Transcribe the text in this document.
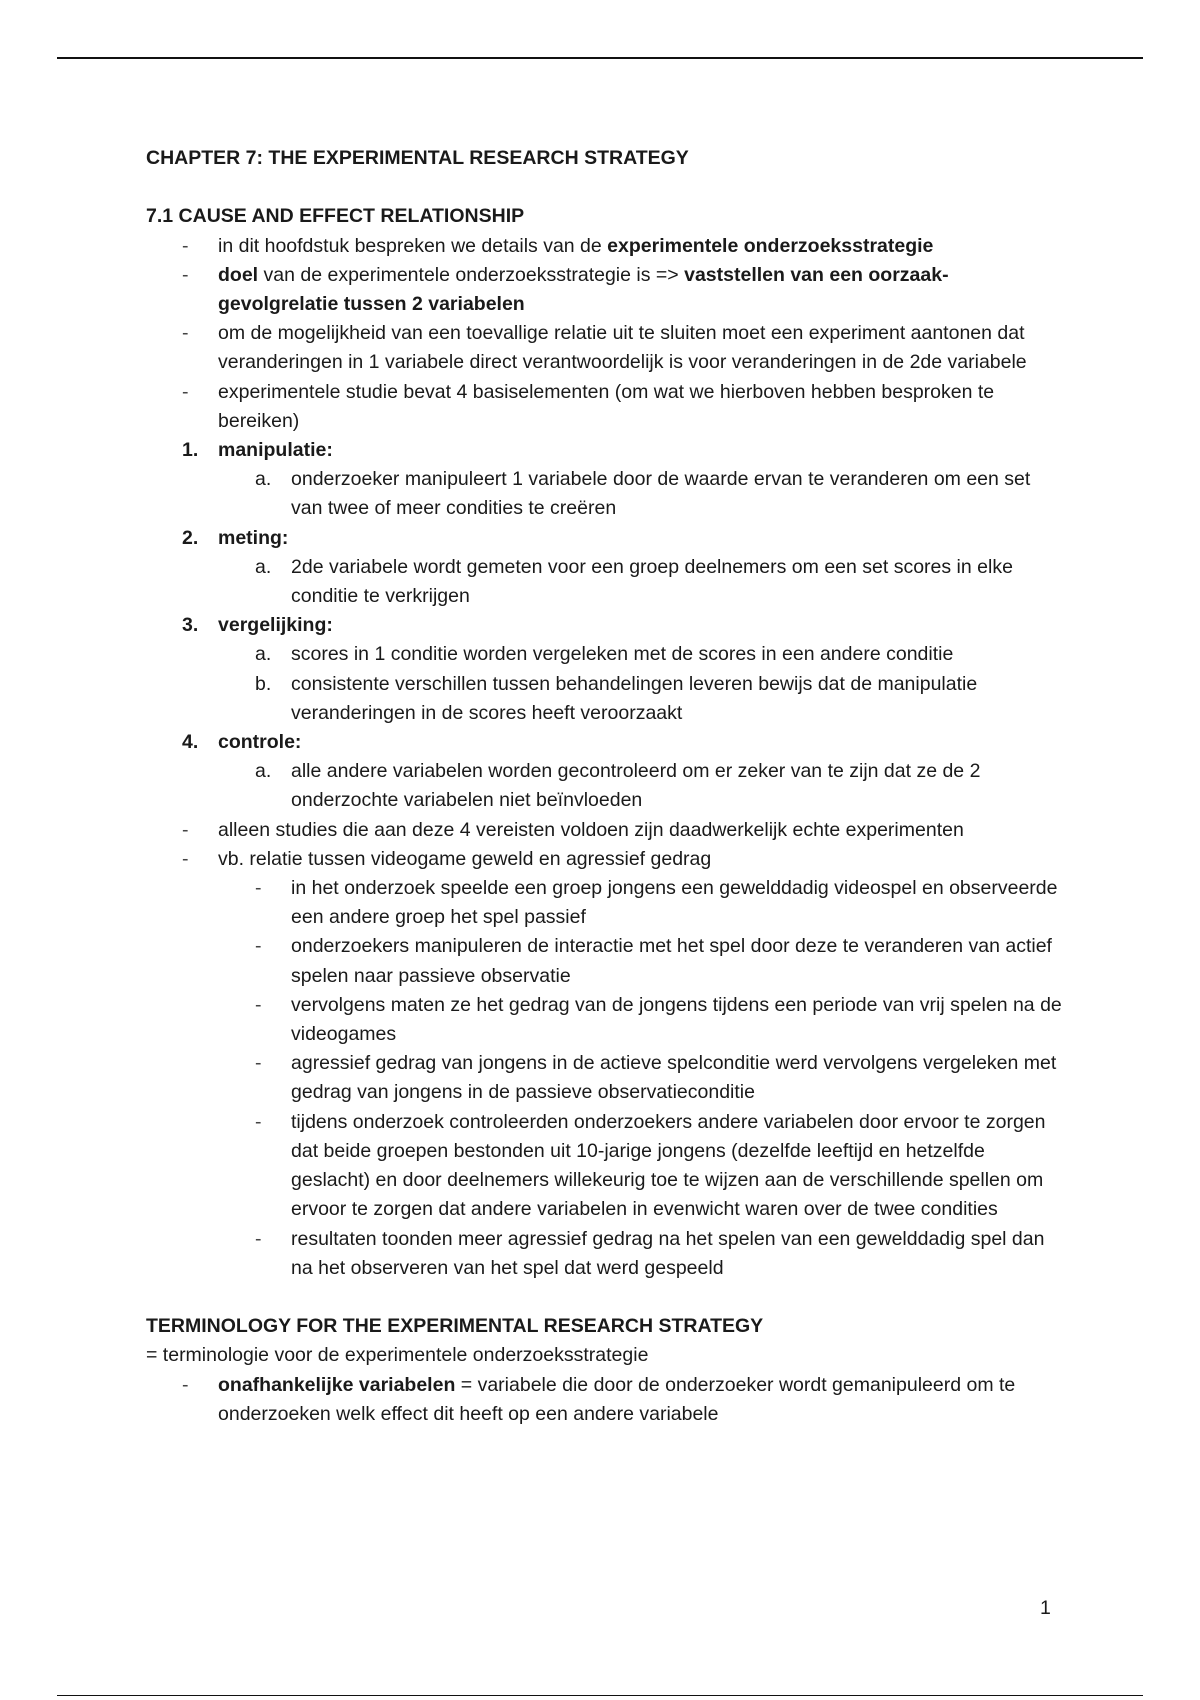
CHAPTER 7: THE EXPERIMENTAL RESEARCH STRATEGY
7.1 CAUSE AND EFFECT RELATIONSHIP
- in dit hoofdstuk bespreken we details van de experimentele onderzoeksstrategie
- doel van de experimentele onderzoeksstrategie is => vaststellen van een oorzaak-gevolgrelatie tussen 2 variabelen
- om de mogelijkheid van een toevallige relatie uit te sluiten moet een experiment aantonen dat veranderingen in 1 variabele direct verantwoordelijk is voor veranderingen in de 2de variabele
- experimentele studie bevat 4 basiselementen (om wat we hierboven hebben besproken te bereiken)
1. manipulatie:
a. onderzoeker manipuleert 1 variabele door de waarde ervan te veranderen om een set van twee of meer condities te creëren
2. meting:
a. 2de variabele wordt gemeten voor een groep deelnemers om een set scores in elke conditie te verkrijgen
3. vergelijking:
a. scores in 1 conditie worden vergeleken met de scores in een andere conditie
b. consistente verschillen tussen behandelingen leveren bewijs dat de manipulatie veranderingen in de scores heeft veroorzaakt
4. controle:
a. alle andere variabelen worden gecontroleerd om er zeker van te zijn dat ze de 2 onderzochte variabelen niet beïnvloeden
- alleen studies die aan deze 4 vereisten voldoen zijn daadwerkelijk echte experimenten
- vb. relatie tussen videogame geweld en agressief gedrag
- in het onderzoek speelde een groep jongens een gewelddadig videospel en observeerde een andere groep het spel passief
- onderzoekers manipuleren de interactie met het spel door deze te veranderen van actief spelen naar passieve observatie
- vervolgens maten ze het gedrag van de jongens tijdens een periode van vrij spelen na de videogames
- agressief gedrag van jongens in de actieve spelconditie werd vervolgens vergeleken met gedrag van jongens in de passieve observatieconditie
- tijdens onderzoek controleerden onderzoekers andere variabelen door ervoor te zorgen dat beide groepen bestonden uit 10-jarige jongens (dezelfde leeftijd en hetzelfde geslacht) en door deelnemers willekeurig toe te wijzen aan de verschillende spellen om ervoor te zorgen dat andere variabelen in evenwicht waren over de twee condities
- resultaten toonden meer agressief gedrag na het spelen van een gewelddadig spel dan na het observeren van het spel dat werd gespeeld
TERMINOLOGY FOR THE EXPERIMENTAL RESEARCH STRATEGY
= terminologie voor de experimentele onderzoeksstrategie
- onafhankelijke variabelen = variabele die door de onderzoeker wordt gemanipuleerd om te onderzoeken welk effect dit heeft op een andere variabele
1
